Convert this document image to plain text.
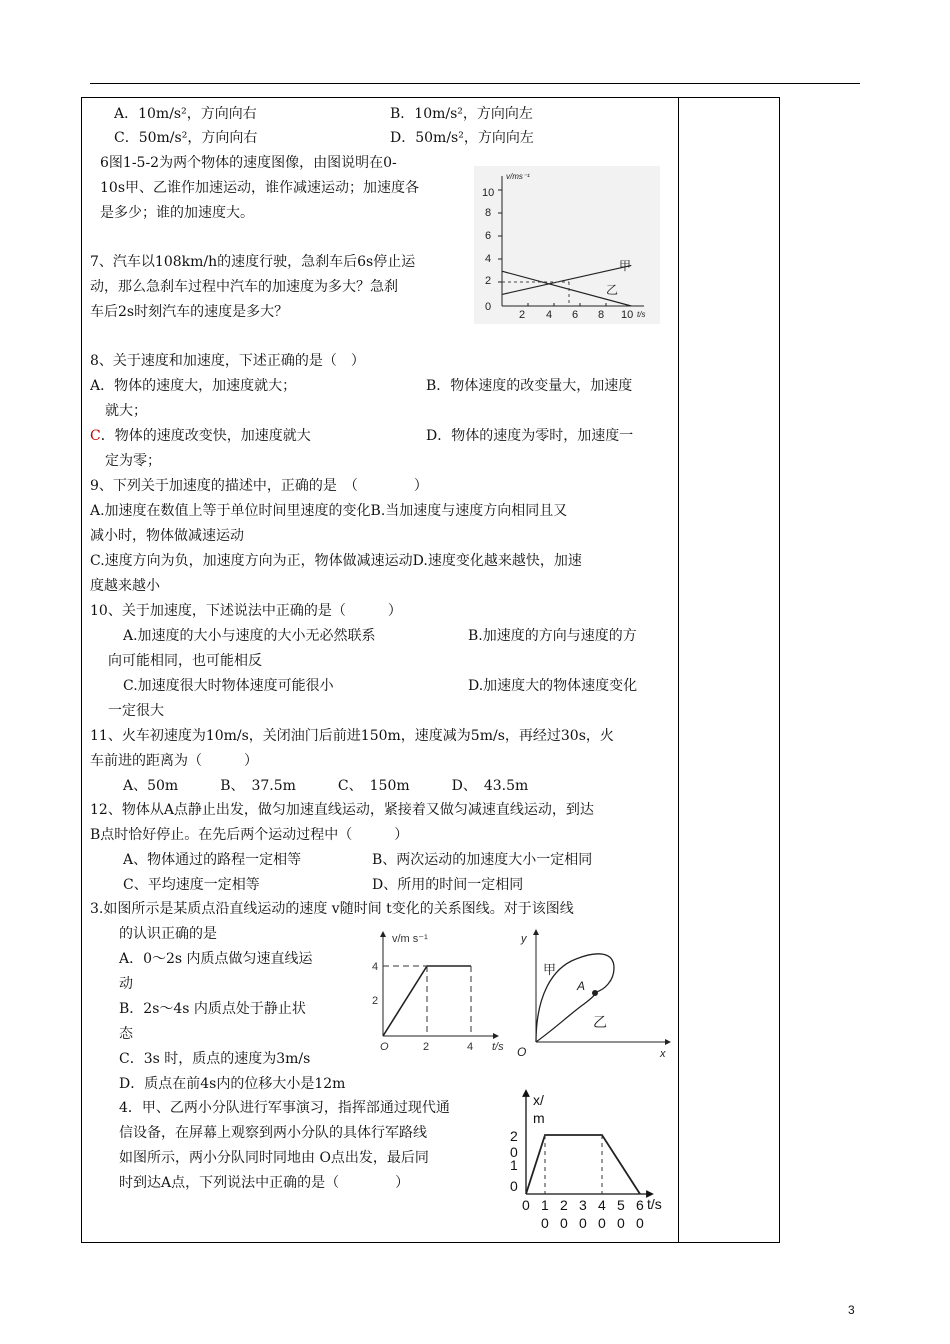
A．10m/s²，方向向右	B．10m/s²，方向向左
C．50m/s²，方向向右	D．50m/s²，方向向左
6图1-5-2为两个物体的速度图像，由图说明在0-
10s甲、乙谁作加速运动，谁作减速运动；加速度各
是多少；谁的加速度大。
7、汽车以108km/h的速度行驶，急刹车后6s停止运
动，那么急刹车过程中汽车的加速度为多大？急刹
车后2s时刻汽车的速度是多大？
v/ms⁻¹
10
8
6
4
2
0
2 4 6 8 10 t/s
甲
乙
8、关于速度和加速度，下述正确的是（　）
A．物体的速度大，加速度就大；	B．物体速度的改变量大，加速度
就大；
C．物体的速度改变快，加速度就大	D．物体的速度为零时，加速度一
定为零；
9、下列关于加速度的描述中，正确的是　（　　　　）
A.加速度在数值上等于单位时间里速度的变化B.当加速度与速度方向相同且又
减小时，物体做减速运动
C.速度方向为负，加速度方向为正，物体做减速运动D.速度变化越来越快，加速
度越来越小
10、关于加速度，下述说法中正确的是（　　　）
A.加速度的大小与速度的大小无必然联系	B.加速度的方向与速度的方
向可能相同，也可能相反
C.加速度很大时物体速度可能很小	D.加速度大的物体速度变化
一定很大
11、火车初速度为10m/s，关闭油门后前进150m，速度减为5m/s，再经过30s，火
车前进的距离为（　　　）
A、50m　　　B、　37.5m　　　C、　150m　　　D、　43.5m
12、物体从A点静止出发，做匀加速直线运动，紧接着又做匀减速直线运动，到达
B点时恰好停止。在先后两个运动过程中（　　　）
A、物体通过的路程一定相等	B、两次运动的加速度大小一定相同
C、平均速度一定相等	D、所用的时间一定相同
3.如图所示是某质点沿直线运动的速度 v随时间 t变化的关系图线。对于该图线
的认识正确的是
A．0～2s 内质点做匀速直线运
动
B．2s～4s 内质点处于静止状
态
C．3s 时，质点的速度为3m/s
D．质点在前4s内的位移大小是12m
v/m s⁻¹
4
2
O	2	4 t/s
y
x
O
甲
乙
A
4．甲、乙两小分队进行军事演习，指挥部通过现代通
信设备，在屏幕上观察到两小分队的具体行军路线
如图所示，两小分队同时同地由 O点出发，最后同
时到达A点，下列说法中正确的是（　　　　）
x/
m
2
0
1
0
0 1 2 3 4 5 6 t/s
0 0 0 0 0 0
3
